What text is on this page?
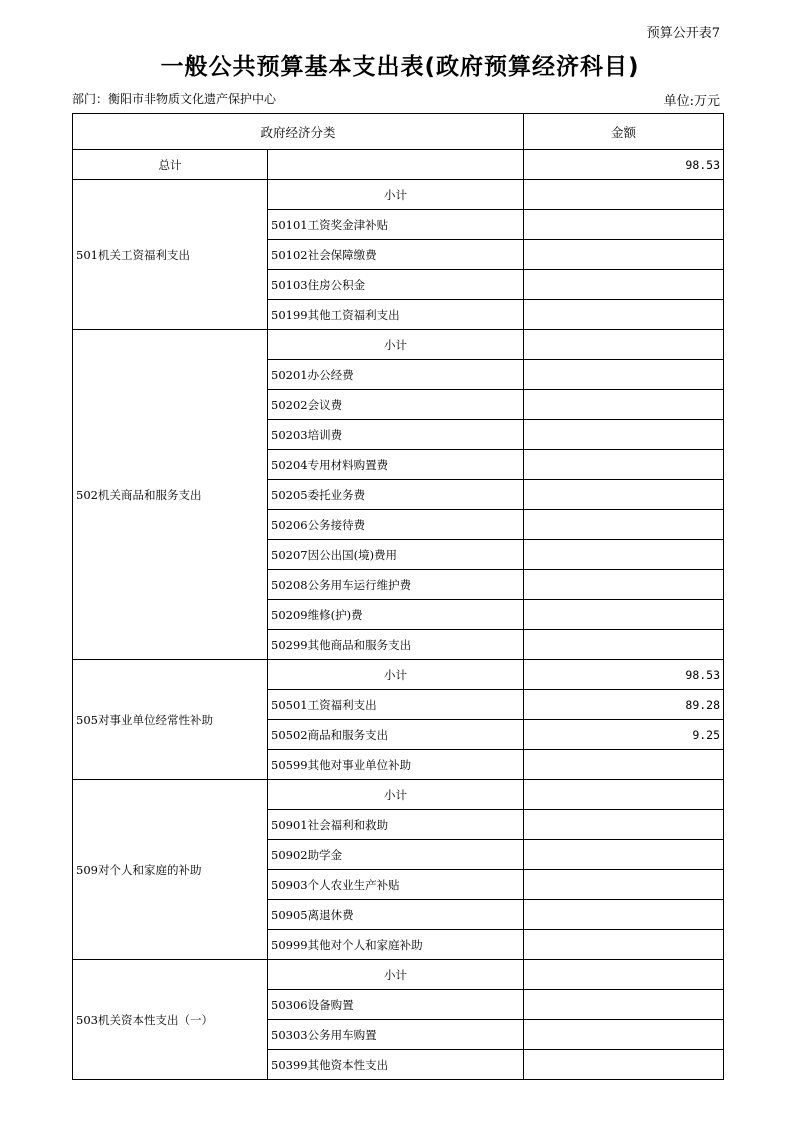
预算公开表7
一般公共预算基本支出表(政府预算经济科目)
部门：衡阳市非物质文化遗产保护中心	单位:万元
政府经济分类		金额
总计		98.53
501机关工资福利支出	小计	
	50101工资奖金津补贴	
	50102社会保障缴费	
	50103住房公积金	
	50199其他工资福利支出	
502机关商品和服务支出	小计	
	50201办公经费	
	50202会议费	
	50203培训费	
	50204专用材料购置费	
	50205委托业务费	
	50206公务接待费	
	50207因公出国(境)费用	
	50208公务用车运行维护费	
	50209维修(护)费	
	50299其他商品和服务支出	
505对事业单位经常性补助	小计	98.53
	50501工资福利支出	89.28
	50502商品和服务支出	9.25
	50599其他对事业单位补助	
509对个人和家庭的补助	小计	
	50901社会福利和救助	
	50902助学金	
	50903个人农业生产补贴	
	50905离退休费	
	50999其他对个人和家庭补助	
503机关资本性支出（一）	小计	
	50306设备购置	
	50303公务用车购置	
	50399其他资本性支出	
